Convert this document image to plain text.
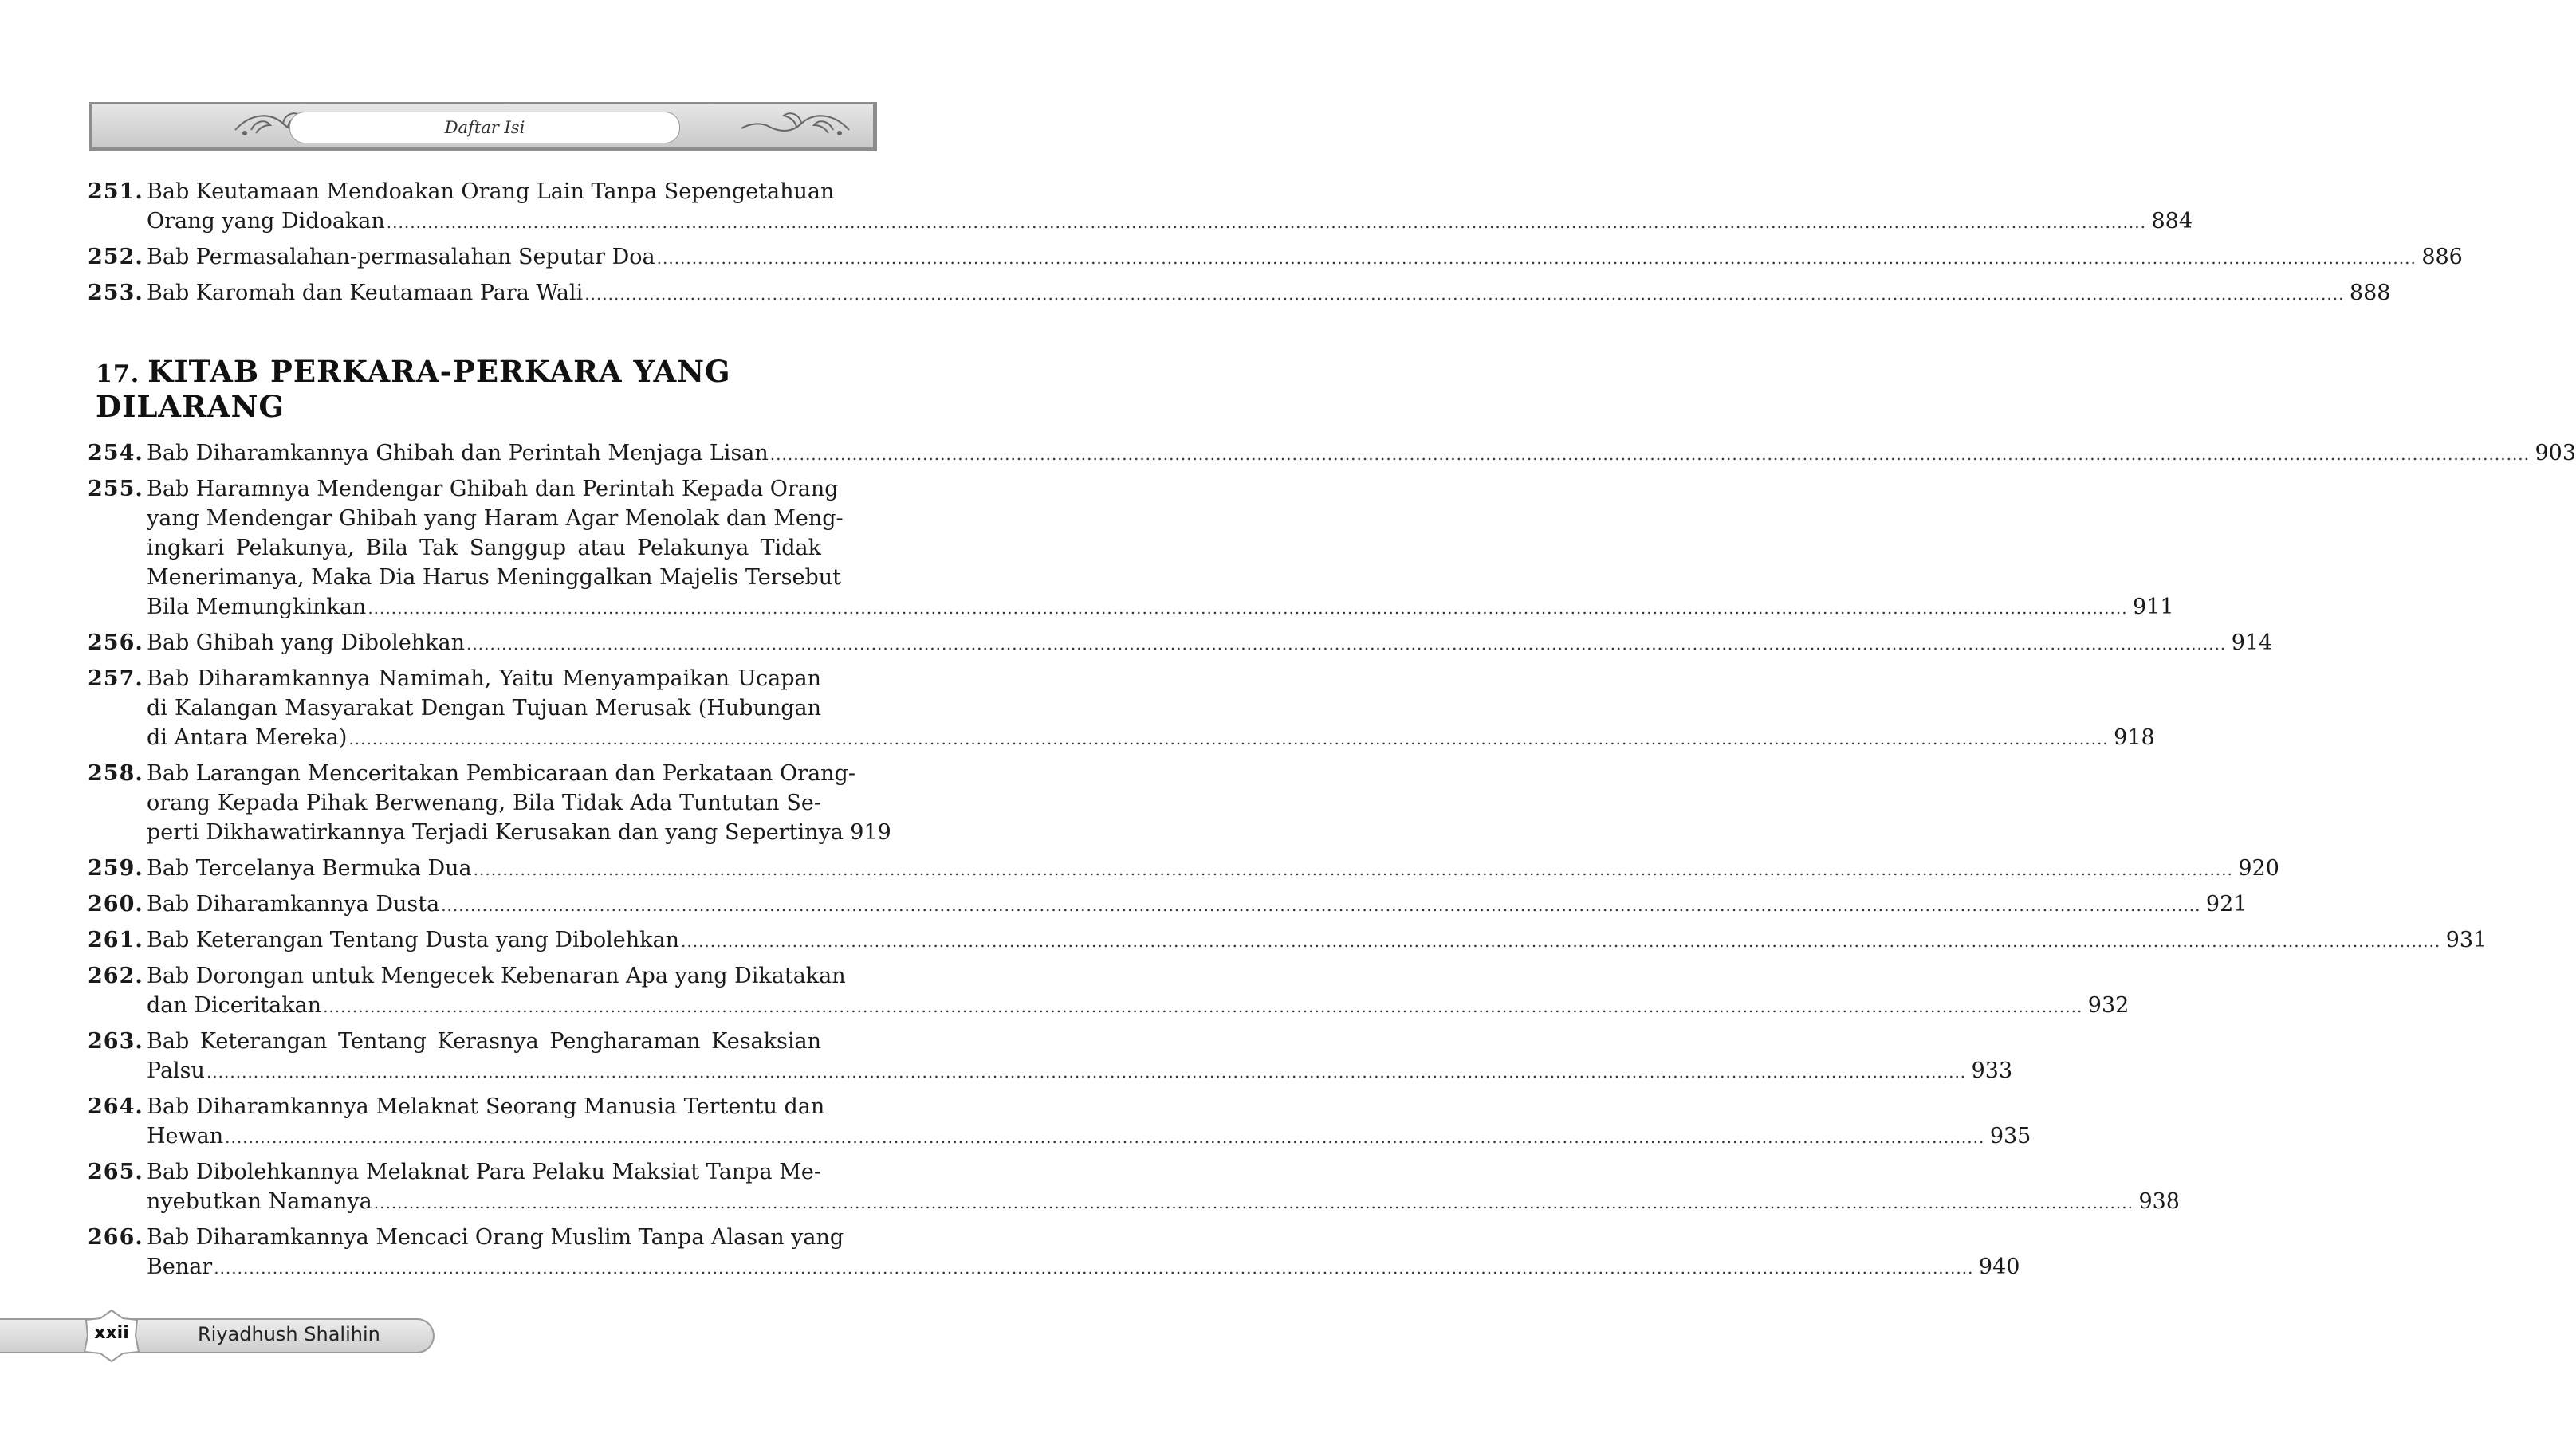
Daftar Isi
251. Bab Keutamaan Mendoakan Orang Lain Tanpa Sepengetahuan
Orang yang Didoakan ............................................................................................................................................................................................................................................................................................................ 884
252. Bab Permasalahan-permasalahan Seputar Doa ............................................................................................................................................................................................................................................................................................................ 886
253. Bab Karomah dan Keutamaan Para Wali ............................................................................................................................................................................................................................................................................................................ 888
17. KITAB PERKARA-PERKARA YANG DILARANG
254. Bab Diharamkannya Ghibah dan Perintah Menjaga Lisan ............................................................................................................................................................................................................................................................................................................ 903
255. Bab Haramnya Mendengar Ghibah dan Perintah Kepada Orang
yang Mendengar Ghibah yang Haram Agar Menolak dan Meng-
ingkari Pelakunya, Bila Tak Sanggup atau Pelakunya Tidak
Menerimanya, Maka Dia Harus Meninggalkan Majelis Tersebut
Bila Memungkinkan ............................................................................................................................................................................................................................................................................................................ 911
256. Bab Ghibah yang Dibolehkan ............................................................................................................................................................................................................................................................................................................ 914
257. Bab Diharamkannya Namimah, Yaitu Menyampaikan Ucapan
di Kalangan Masyarakat Dengan Tujuan Merusak (Hubungan
di Antara Mereka) ............................................................................................................................................................................................................................................................................................................ 918
258. Bab Larangan Menceritakan Pembicaraan dan Perkataan Orang-
orang Kepada Pihak Berwenang, Bila Tidak Ada Tuntutan Se-
perti Dikhawatirkannya Terjadi Kerusakan dan yang Sepertinya 919
259. Bab Tercelanya Bermuka Dua ............................................................................................................................................................................................................................................................................................................ 920
260. Bab Diharamkannya Dusta ............................................................................................................................................................................................................................................................................................................ 921
261. Bab Keterangan Tentang Dusta yang Dibolehkan ............................................................................................................................................................................................................................................................................................................ 931
262. Bab Dorongan untuk Mengecek Kebenaran Apa yang Dikatakan
dan Diceritakan ............................................................................................................................................................................................................................................................................................................ 932
263. Bab Keterangan Tentang Kerasnya Pengharaman Kesaksian
Palsu ............................................................................................................................................................................................................................................................................................................ 933
264. Bab Diharamkannya Melaknat Seorang Manusia Tertentu dan
Hewan ............................................................................................................................................................................................................................................................................................................ 935
265. Bab Dibolehkannya Melaknat Para Pelaku Maksiat Tanpa Me-
nyebutkan Namanya ............................................................................................................................................................................................................................................................................................................ 938
266. Bab Diharamkannya Mencaci Orang Muslim Tanpa Alasan yang
Benar ............................................................................................................................................................................................................................................................................................................ 940
xxii	Riyadhush Shalihin
